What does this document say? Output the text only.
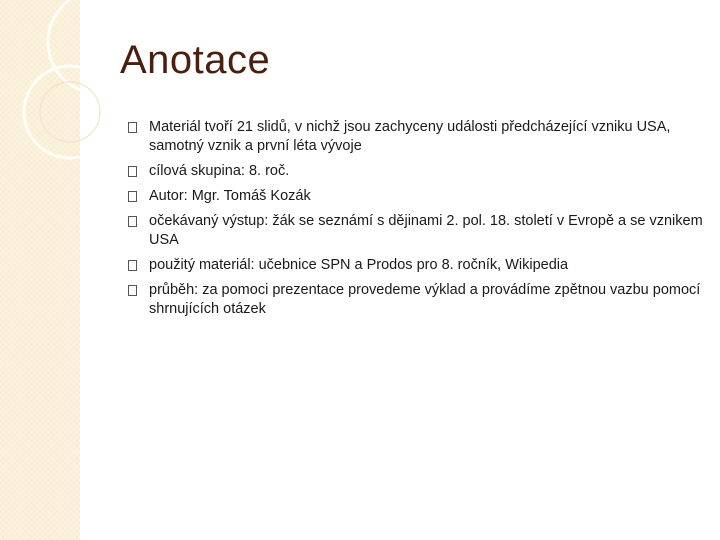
Anotace
Materiál tvoří 21 slidů, v nichž jsou zachyceny události předcházející vzniku USA, samotný vznik a první léta vývoje
cílová skupina: 8. roč.
Autor: Mgr. Tomáš Kozák
očekávaný výstup: žák se seznámí s dějinami 2. pol. 18. století v Evropě a se vznikem USA
použitý materiál: učebnice SPN a Prodos pro 8. ročník, Wikipedia
průběh: za pomoci prezentace provedeme výklad a provádíme zpětnou vazbu pomocí shrnujících otázek
